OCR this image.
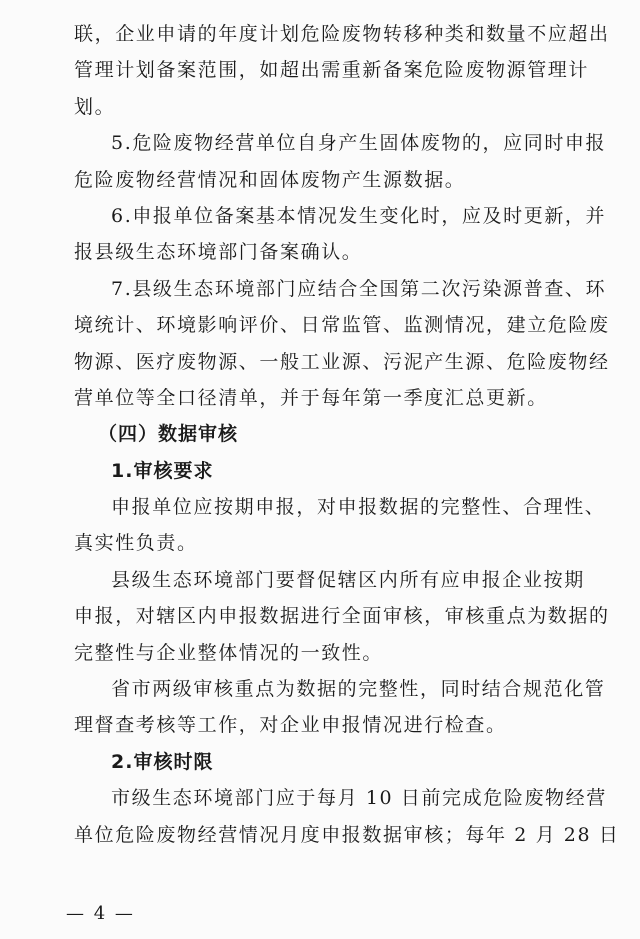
联，企业申请的年度计划危险废物转移种类和数量不应超出
管理计划备案范围，如超出需重新备案危险废物源管理计
划。
5.危险废物经营单位自身产生固体废物的，应同时申报
危险废物经营情况和固体废物产生源数据。
6.申报单位备案基本情况发生变化时，应及时更新，并
报县级生态环境部门备案确认。
7.县级生态环境部门应结合全国第二次污染源普查、环
境统计、环境影响评价、日常监管、监测情况，建立危险废
物源、医疗废物源、一般工业源、污泥产生源、危险废物经
营单位等全口径清单，并于每年第一季度汇总更新。
（四）数据审核
1.审核要求
申报单位应按期申报，对申报数据的完整性、合理性、
真实性负责。
县级生态环境部门要督促辖区内所有应申报企业按期
申报，对辖区内申报数据进行全面审核，审核重点为数据的
完整性与企业整体情况的一致性。
省市两级审核重点为数据的完整性，同时结合规范化管
理督查考核等工作，对企业申报情况进行检查。
2.审核时限
市级生态环境部门应于每月 10 日前完成危险废物经营
单位危险废物经营情况月度申报数据审核；每年 2 月 28 日
— 4 —
